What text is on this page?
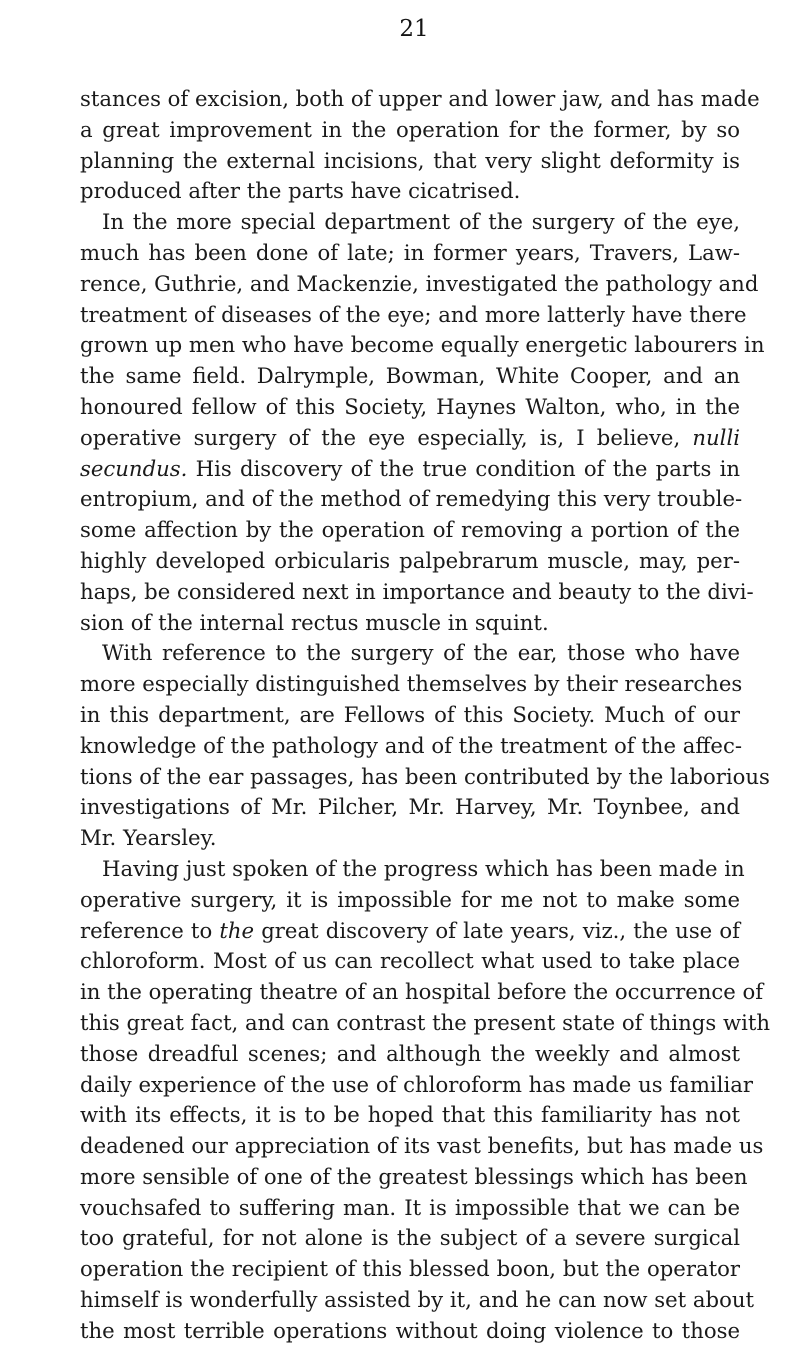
21
stances of excision, both of upper and lower jaw, and has made
a great improvement in the operation for the former, by so
planning the external incisions, that very slight deformity is
produced after the parts have cicatrised.
In the more special department of the surgery of the eye,
much has been done of late; in former years, Travers, Law-
rence, Guthrie, and Mackenzie, investigated the pathology and
treatment of diseases of the eye; and more latterly have there
grown up men who have become equally energetic labourers in
the same field. Dalrymple, Bowman, White Cooper, and an
honoured fellow of this Society, Haynes Walton, who, in the
operative surgery of the eye especially, is, I believe, nulli
secundus. His discovery of the true condition of the parts in
entropium, and of the method of remedying this very trouble-
some affection by the operation of removing a portion of the
highly developed orbicularis palpebrarum muscle, may, per-
haps, be considered next in importance and beauty to the divi-
sion of the internal rectus muscle in squint.
With reference to the surgery of the ear, those who have
more especially distinguished themselves by their researches
in this department, are Fellows of this Society. Much of our
knowledge of the pathology and of the treatment of the affec-
tions of the ear passages, has been contributed by the laborious
investigations of Mr. Pilcher, Mr. Harvey, Mr. Toynbee, and
Mr. Yearsley.
Having just spoken of the progress which has been made in
operative surgery, it is impossible for me not to make some
reference to the great discovery of late years, viz., the use of
chloroform. Most of us can recollect what used to take place
in the operating theatre of an hospital before the occurrence of
this great fact, and can contrast the present state of things with
those dreadful scenes; and although the weekly and almost
daily experience of the use of chloroform has made us familiar
with its effects, it is to be hoped that this familiarity has not
deadened our appreciation of its vast benefits, but has made us
more sensible of one of the greatest blessings which has been
vouchsafed to suffering man. It is impossible that we can be
too grateful, for not alone is the subject of a severe surgical
operation the recipient of this blessed boon, but the operator
himself is wonderfully assisted by it, and he can now set about
the most terrible operations without doing violence to those
